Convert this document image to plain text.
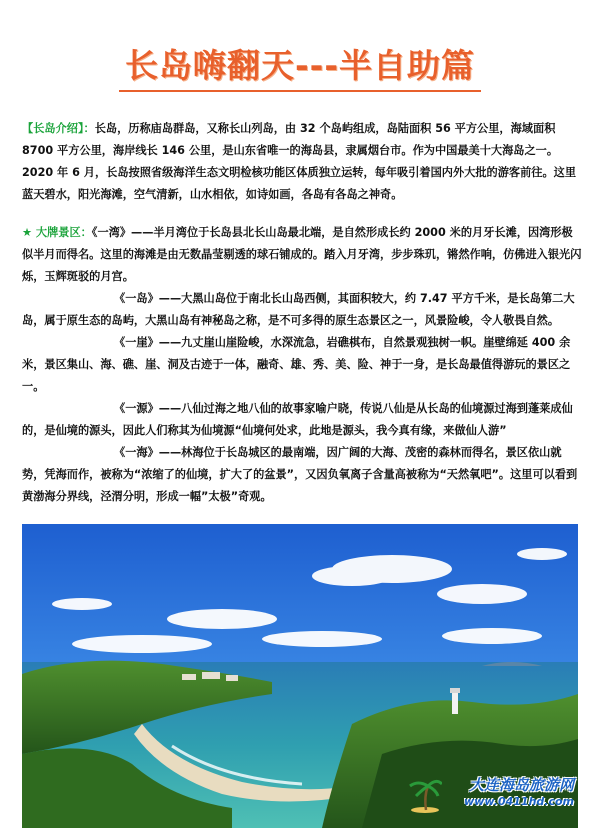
长岛嗨翻天---半自助篇
【长岛介绍】：长岛，历称庙岛群岛，又称长山列岛，由 32 个岛屿组成，岛陆面积 56 平方公里，海域面积 8700 平方公里，海岸线长 146 公里，是山东省唯一的海岛县，隶属烟台市。作为中国最美十大海岛之一。2020 年 6 月，长岛按照省级海洋生态文明检核功能区体质独立运转，每年吸引着国内外大批的游客前往。这里蓝天碧水，阳光海滩，空气清新，山水相依，如诗如画，各岛有各岛之神奇。
★ 大牌景区：《一湾》——半月湾位于长岛县北长山岛最北端，是自然形成长约 2000 米的月牙长滩，因湾形极似半月而得名。这里的海滩是由无数晶莹剔透的球石铺成的。踏入月牙湾，步步珠玑，锵然作响，仿佛进入银光闪烁，玉辉斑驳的月宫。
《一岛》——大黑山岛位于南北长山岛西侧，其面积较大，约 7.47 平方千米，是长岛第二大岛，属于原生态的岛屿，大黑山岛有神秘岛之称，是不可多得的原生态景区之一，风景险峻，令人敬畏自然。
《一崖》——九丈崖山崖险峻，水深流急，岩礁棋布，自然景观独树一帜。崖壁绵延 400 余米，景区集山、海、礁、崖、洞及古迹于一体，融奇、雄、秀、美、险、神于一身，是长岛最值得游玩的景区之一。
《一源》——八仙过海之地八仙的故事家喻户晓，传说八仙是从长岛的仙境源过海到蓬莱成仙的，是仙境的源头，因此人们称其为仙境源“仙境何处求，此地是源头，我今真有缘，来做仙人游”
《一海》——林海位于长岛城区的最南端，因广阔的大海、茂密的森林而得名，景区依山就势，凭海而作，被称为“浓缩了的仙境，扩大了的盆景”，又因负氧离子含量高被称为“天然氧吧”。这里可以看到黄渤海分界线，泾渭分明，形成一幅”太极”奇观。
大连海岛旅游网
www.0411hd.com
